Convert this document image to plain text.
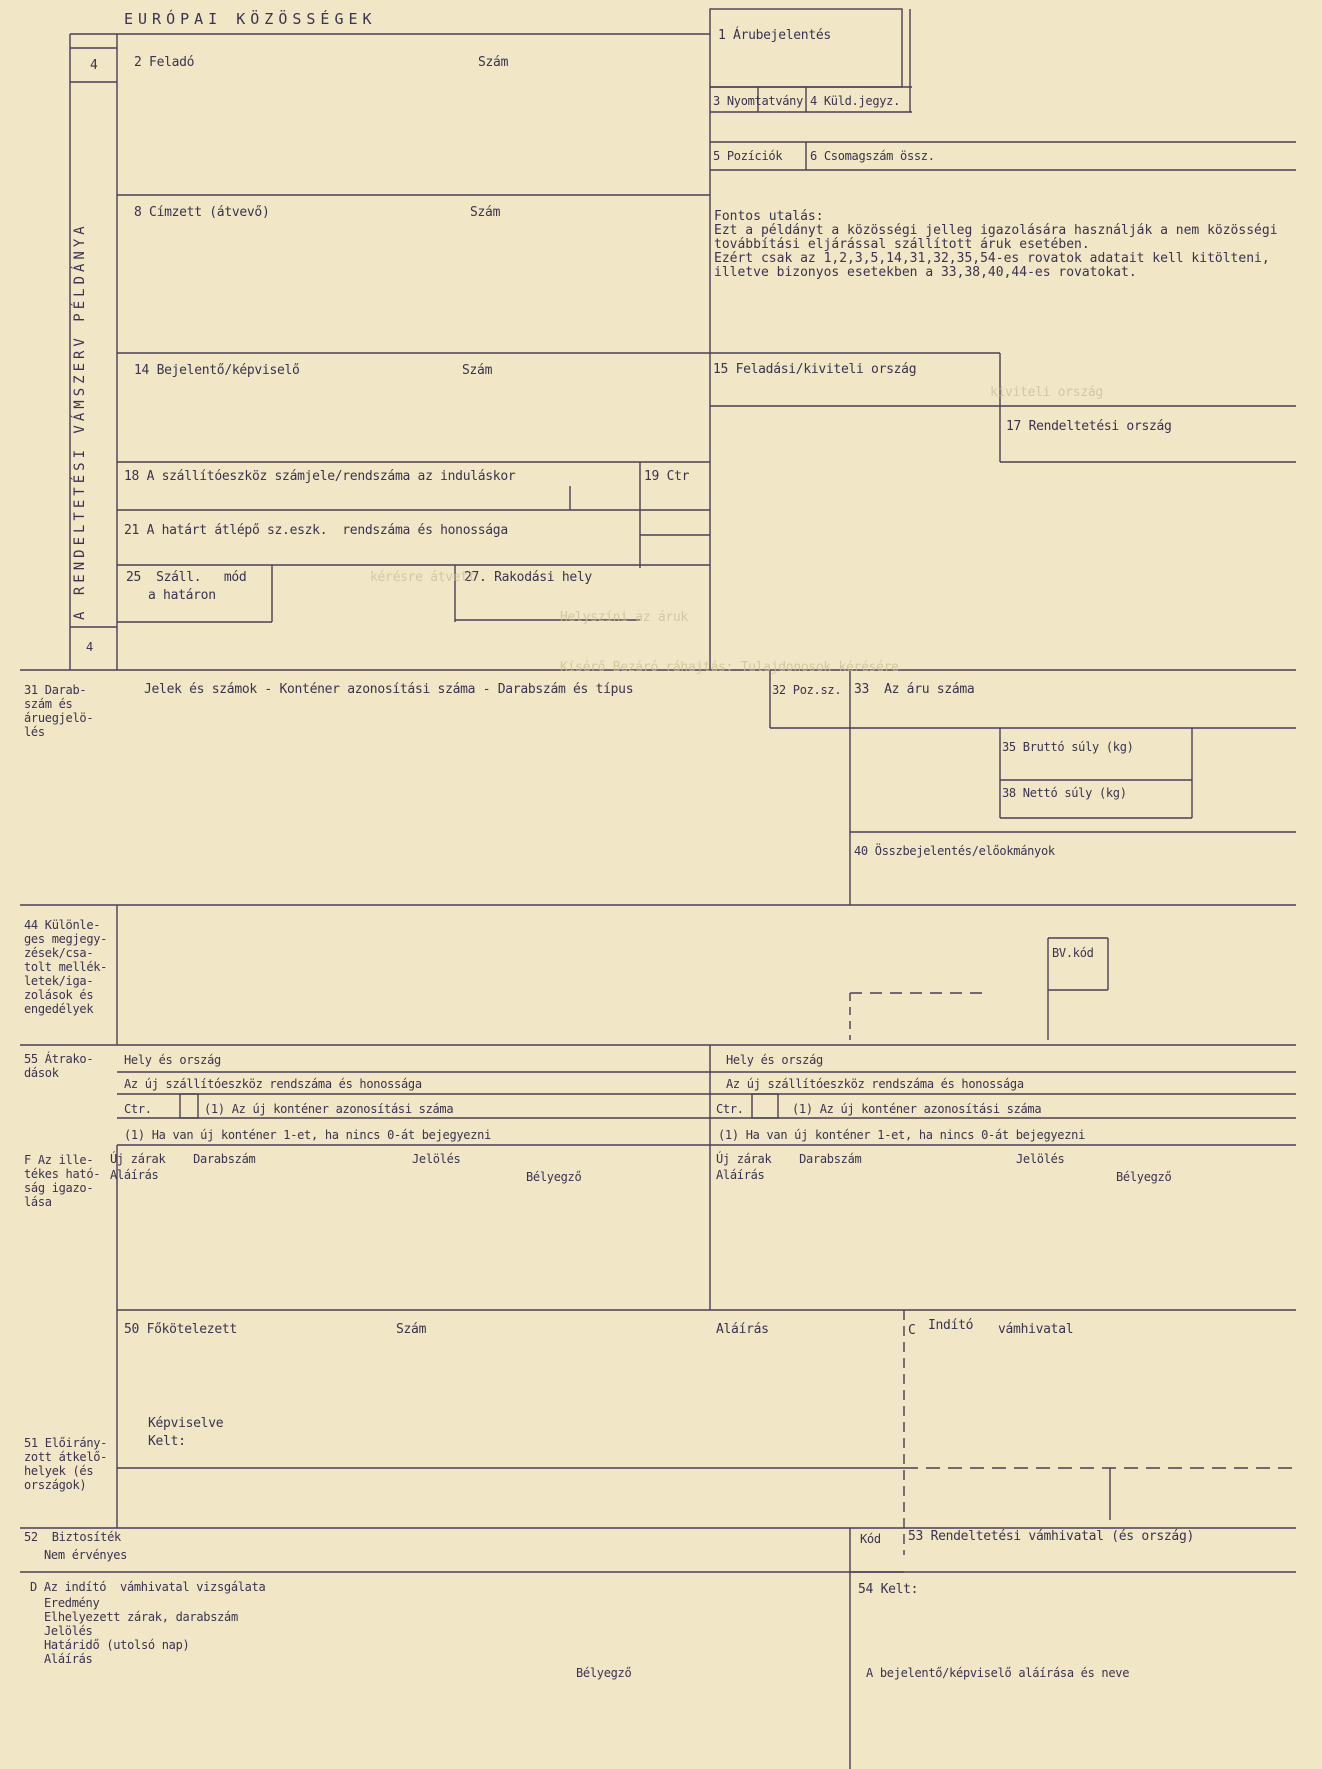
EURÓPAI KÖZÖSSÉGEK
4
4
A RENDELTETÉSI VÁMSZERV PÉLDÁNYA
2 Feladó	Szám
1 Árubejelentés
3 Nyomtatvány 4 Küld.jegyz.
5 Pozíciók 6 Csomagszám össz.
8 Címzett (átvevő)	Szám	Fontos utalás:
Ezt a példányt a közösségi jelleg igazolására használják a nem közösségi
továbbítási eljárással szállított áruk esetében.
Ezért csak az 1,2,3,5,14,31,32,35,54-es rovatok adatait kell kitölteni,
illetve bizonyos esetekben a 33,38,40,44-es rovatokat.
14 Bejelentő/képviselő	Szám	15 Feladási/kiviteli ország
17 Rendeltetési ország
18 A szállítóeszköz számjele/rendszáma az induláskor	19 Ctr
21 A határt átlépő sz.eszk.  rendszáma és honossága
25  Száll.   mód
a határon
27. Rakodási hely
31 Darab-
szám és
áruegjelö-
lés
Jelek és számok - Konténer azonosítási száma - Darabszám és típus	32 Poz.sz. 33  Az áru száma
35 Bruttó súly (kg)
38 Nettó súly (kg)
40 Összbejelentés/előokmányok
44 Különle-
ges megjegy-
zések/csa-
tolt mellék-
letek/iga-
zolások és
engedélyek
BV.kód
55 Átrako-
dások
Hely és ország	Hely és ország
Az új szállítóeszköz rendszáma és honossága	Az új szállítóeszköz rendszáma és honossága
Ctr.	(1) Az új konténer azonosítási száma	Ctr.	(1) Az új konténer azonosítási száma
(1) Ha van új konténer 1-et, ha nincs 0-át bejegyezni	(1) Ha van új konténer 1-et, ha nincs 0-át bejegyezni
F Az ille-
tékes ható-
ság igazo-
lása
Új zárak    Darabszám	Jelölés
Aláírás	Bélyegző
Új zárak    Darabszám	Jelölés
Aláírás	Bélyegző
50 Főkötelezett	Szám	Aláírás	C Indító vámhivatal
Képviselve
Kelt:
51 Előirány-
zott átkelő-
helyek (és
országok)
52  Biztosíték
Nem érvényes
Kód 53 Rendeltetési vámhivatal (és ország)
D Az indító  vámhivatal vizsgálata
Eredmény
Elhelyezett zárak, darabszám
Jelölés
Határidő (utolsó nap)
Aláírás
Bélyegző
54 Kelt:
A bejelentő/képviselő aláírása és neve
kérésre átvett
Helyszíni az áruk
Kísérő Bezáró ráhajtás: Tulajdonosok kérésére
kiviteli ország
